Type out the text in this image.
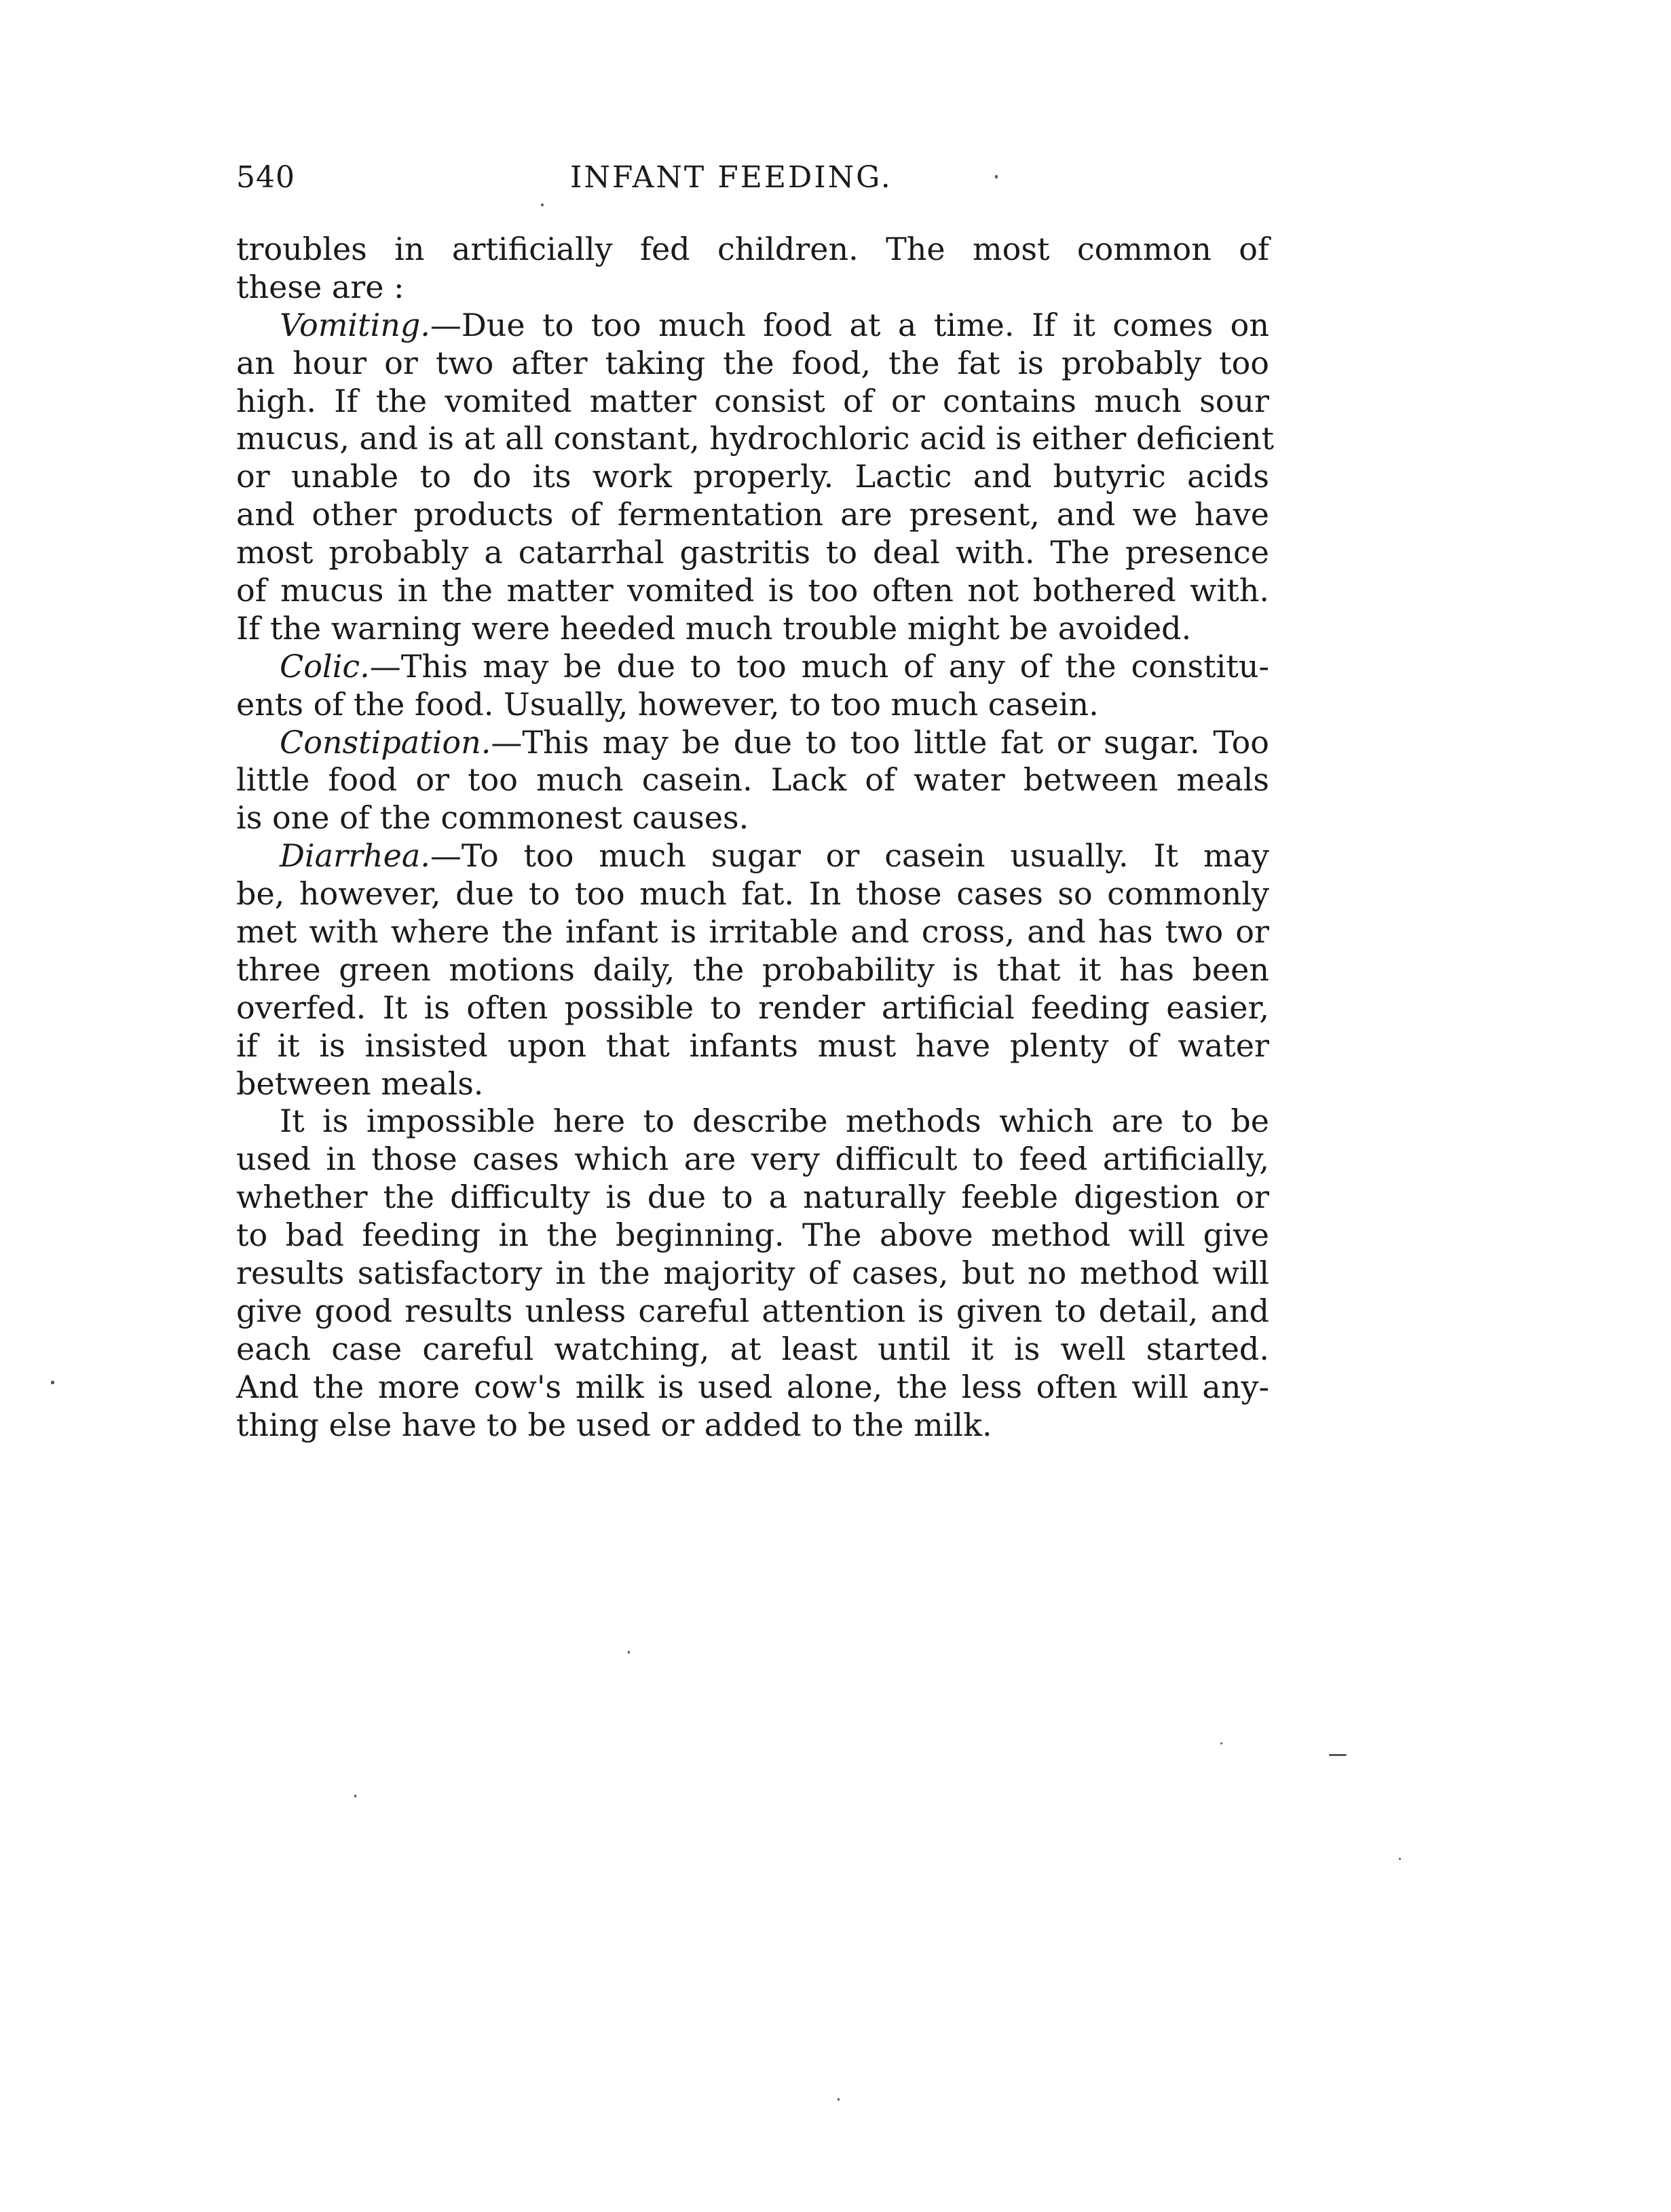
540	INFANT FEEDING.
troubles in artificially fed children. The most common of
these are :
Vomiting.—Due to too much food at a time. If it comes on
an hour or two after taking the food, the fat is probably too
high. If the vomited matter consist of or contains much sour
mucus, and is at all constant, hydrochloric acid is either deficient
or unable to do its work properly. Lactic and butyric acids
and other products of fermentation are present, and we have
most probably a catarrhal gastritis to deal with. The presence
of mucus in the matter vomited is too often not bothered with.
If the warning were heeded much trouble might be avoided.
Colic.—This may be due to too much of any of the constitu-
ents of the food. Usually, however, to too much casein.
Constipation.—This may be due to too little fat or sugar. Too
little food or too much casein. Lack of water between meals
is one of the commonest causes.
Diarrhea.—To too much sugar or casein usually. It may
be, however, due to too much fat. In those cases so commonly
met with where the infant is irritable and cross, and has two or
three green motions daily, the probability is that it has been
overfed. It is often possible to render artificial feeding easier,
if it is insisted upon that infants must have plenty of water
between meals.
It is impossible here to describe methods which are to be
used in those cases which are very difficult to feed artificially,
whether the difficulty is due to a naturally feeble digestion or
to bad feeding in the beginning. The above method will give
results satisfactory in the majority of cases, but no method will
give good results unless careful attention is given to detail, and
each case careful watching, at least until it is well started.
And the more cow's milk is used alone, the less often will any-
thing else have to be used or added to the milk.
